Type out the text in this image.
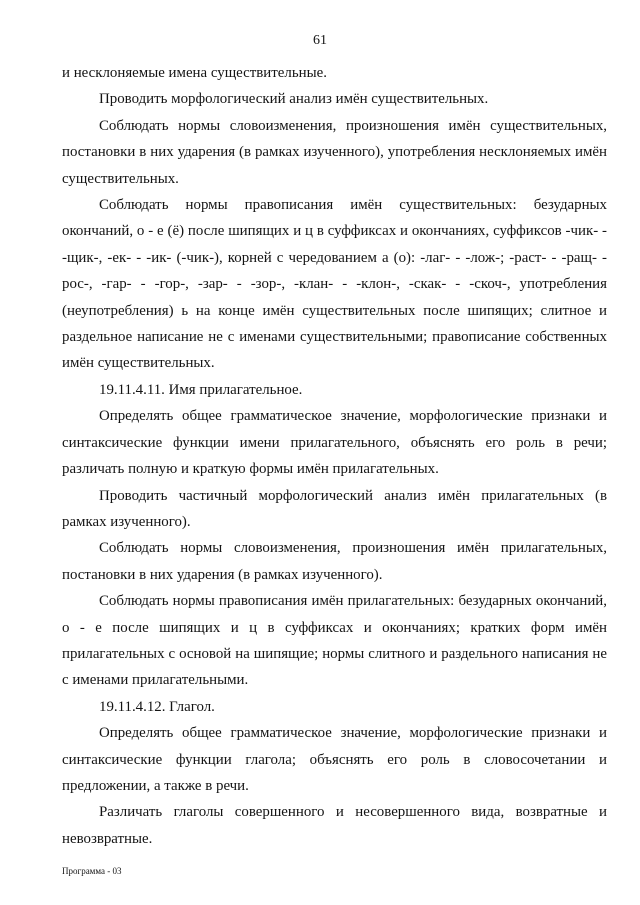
61

и несклоняемые имена существительные.

Проводить морфологический анализ имён существительных.

Соблюдать нормы словоизменения, произношения имён существительных, постановки в них ударения (в рамках изученного), употребления несклоняемых имён существительных.

Соблюдать нормы правописания имён существительных: безударных окончаний, о - е (ё) после шипящих и ц в суффиксах и окончаниях, суффиксов -чик- - -щик-, -ек- - -ик- (-чик-), корней с чередованием а (о): -лаг- - -лож-; -раст- - -ращ- - рос-, -гар- - -гор-, -зар- - -зор-, -клан- - -клон-, -скак- - -скоч-, употребления (неупотребления) ь на конце имён существительных после шипящих; слитное и раздельное написание не с именами существительными; правописание собственных имён существительных.

19.11.4.11. Имя прилагательное.

Определять общее грамматическое значение, морфологические признаки и синтаксические функции имени прилагательного, объяснять его роль в речи; различать полную и краткую формы имён прилагательных.

Проводить частичный морфологический анализ имён прилагательных (в рамках изученного).

Соблюдать нормы словоизменения, произношения имён прилагательных, постановки в них ударения (в рамках изученного).

Соблюдать нормы правописания имён прилагательных: безударных окончаний, о - е после шипящих и ц в суффиксах и окончаниях; кратких форм имён прилагательных с основой на шипящие; нормы слитного и раздельного написания не с именами прилагательными.

19.11.4.12. Глагол.

Определять общее грамматическое значение, морфологические признаки и синтаксические функции глагола; объяснять его роль в словосочетании и предложении, а также в речи.

Различать глаголы совершенного и несовершенного вида, возвратные и невозвратные.

Программа - 03
